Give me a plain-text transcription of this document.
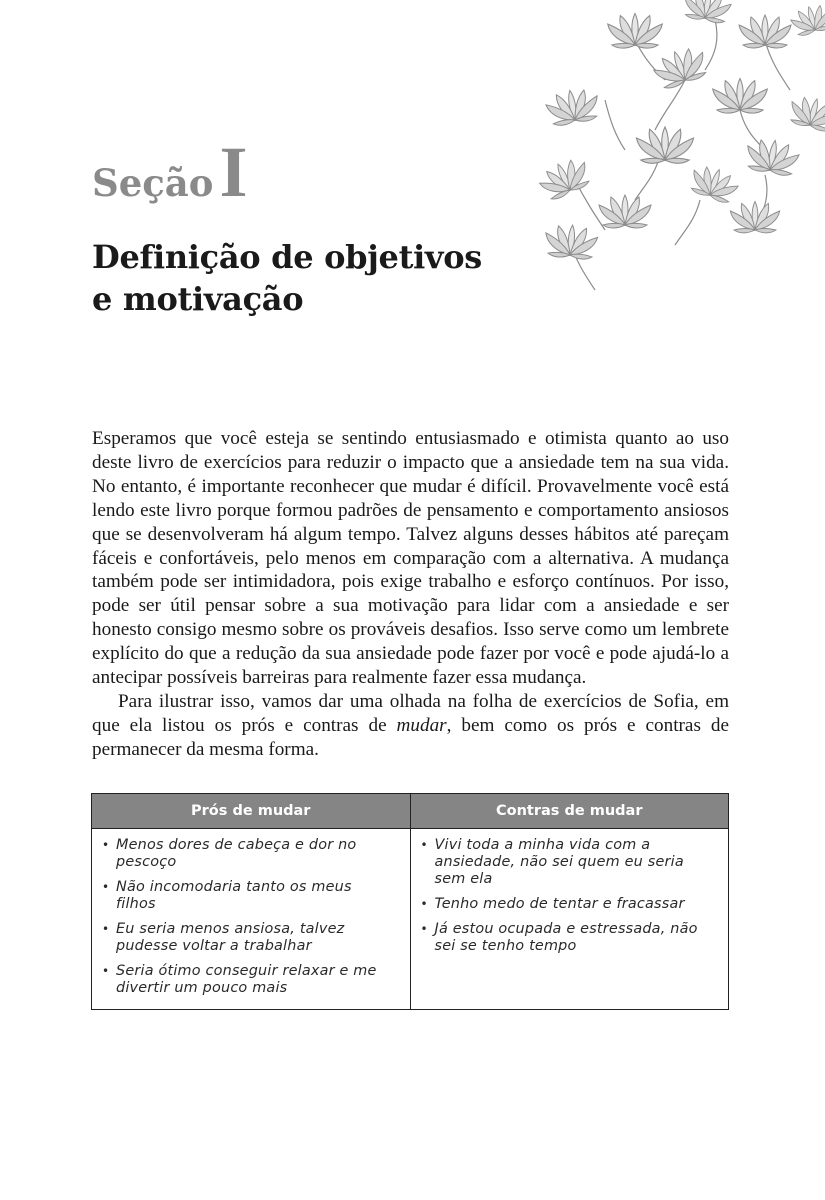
SeçãoI
Definição de objetivos
e motivação

Esperamos que você esteja se sentindo entusiasmado e otimista quanto ao uso deste livro de exercícios para reduzir o impacto que a ansiedade tem na sua vida. No entanto, é importante reconhecer que mudar é difícil. Provavelmente você está lendo este livro porque formou padrões de pensamento e comportamento ansiosos que se desenvolveram há algum tempo. Talvez alguns desses hábitos até pareçam fáceis e confortáveis, pelo menos em comparação com a alternativa. A mudança também pode ser intimidadora, pois exige trabalho e esforço contínuos. Por isso, pode ser útil pensar sobre a sua motivação para lidar com a ansiedade e ser honesto consigo mesmo sobre os prováveis desafios. Isso serve como um lembrete explícito do que a redução da sua ansiedade pode fazer por você e pode ajudá-lo a antecipar possíveis barreiras para realmente fazer essa mudança.

Para ilustrar isso, vamos dar uma olhada na folha de exercícios de Sofia, em que ela listou os prós e contras de mudar, bem como os prós e contras de permanecer da mesma forma.

Prós de mudar	Contras de mudar
• Menos dores de cabeça e dor no pescoço
• Não incomodaria tanto os meus filhos
• Eu seria menos ansiosa, talvez pudesse voltar a trabalhar
• Seria ótimo conseguir relaxar e me divertir um pouco mais
• Vivi toda a minha vida com a ansiedade, não sei quem eu seria sem ela
• Tenho medo de tentar e fracassar
• Já estou ocupada e estressada, não sei se tenho tempo
